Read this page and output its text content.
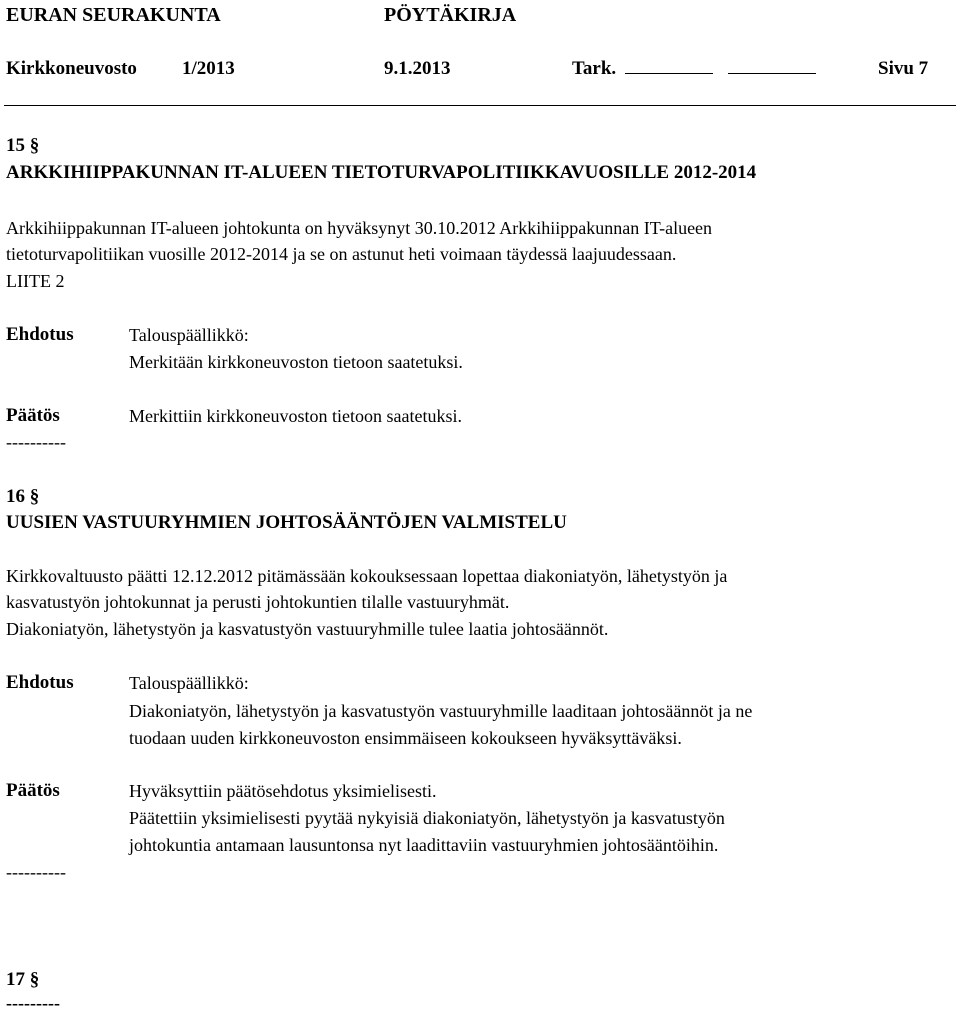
EURAN SEURAKUNTA	PÖYTÄKIRJA
Kirkkoneuvosto 1/2013	9.1.2013	Tark.	Sivu 7
15 §
ARKKIHIIPPAKUNNAN IT-ALUEEN TIETOTURVAPOLITIIKKAVUOSILLE 2012-2014
Arkkihiippakunnan IT-alueen johtokunta on hyväksynyt 30.10.2012 Arkkihiippakunnan IT-alueen
tietoturvapolitiikan vuosille 2012-2014 ja se on astunut heti voimaan täydessä laajuudessaan.
LIITE 2
Ehdotus	Talouspäällikkö:
Merkitään kirkkoneuvoston tietoon saatetuksi.
Päätös	Merkittiin kirkkoneuvoston tietoon saatetuksi.
----------
16 §
UUSIEN VASTUURYHMIEN JOHTOSÄÄNTÖJEN VALMISTELU
Kirkkovaltuusto päätti 12.12.2012 pitämässään kokouksessaan lopettaa diakoniatyön, lähetystyön ja
kasvatustyön johtokunnat ja perusti johtokuntien tilalle vastuuryhmät.
Diakoniatyön, lähetystyön ja kasvatustyön vastuuryhmille tulee laatia johtosäännöt.
Ehdotus	Talouspäällikkö:
Diakoniatyön, lähetystyön ja kasvatustyön vastuuryhmille laaditaan johtosäännöt ja ne
tuodaan uuden kirkkoneuvoston ensimmäiseen kokoukseen hyväksyttäväksi.
Päätös	Hyväksyttiin päätösehdotus yksimielisesti.
Päätettiin yksimielisesti pyytää nykyisiä diakoniatyön, lähetystyön ja kasvatustyön
johtokuntia antamaan lausuntonsa nyt laadittaviin vastuuryhmien johtosääntöihin.
----------
17 §
---------
